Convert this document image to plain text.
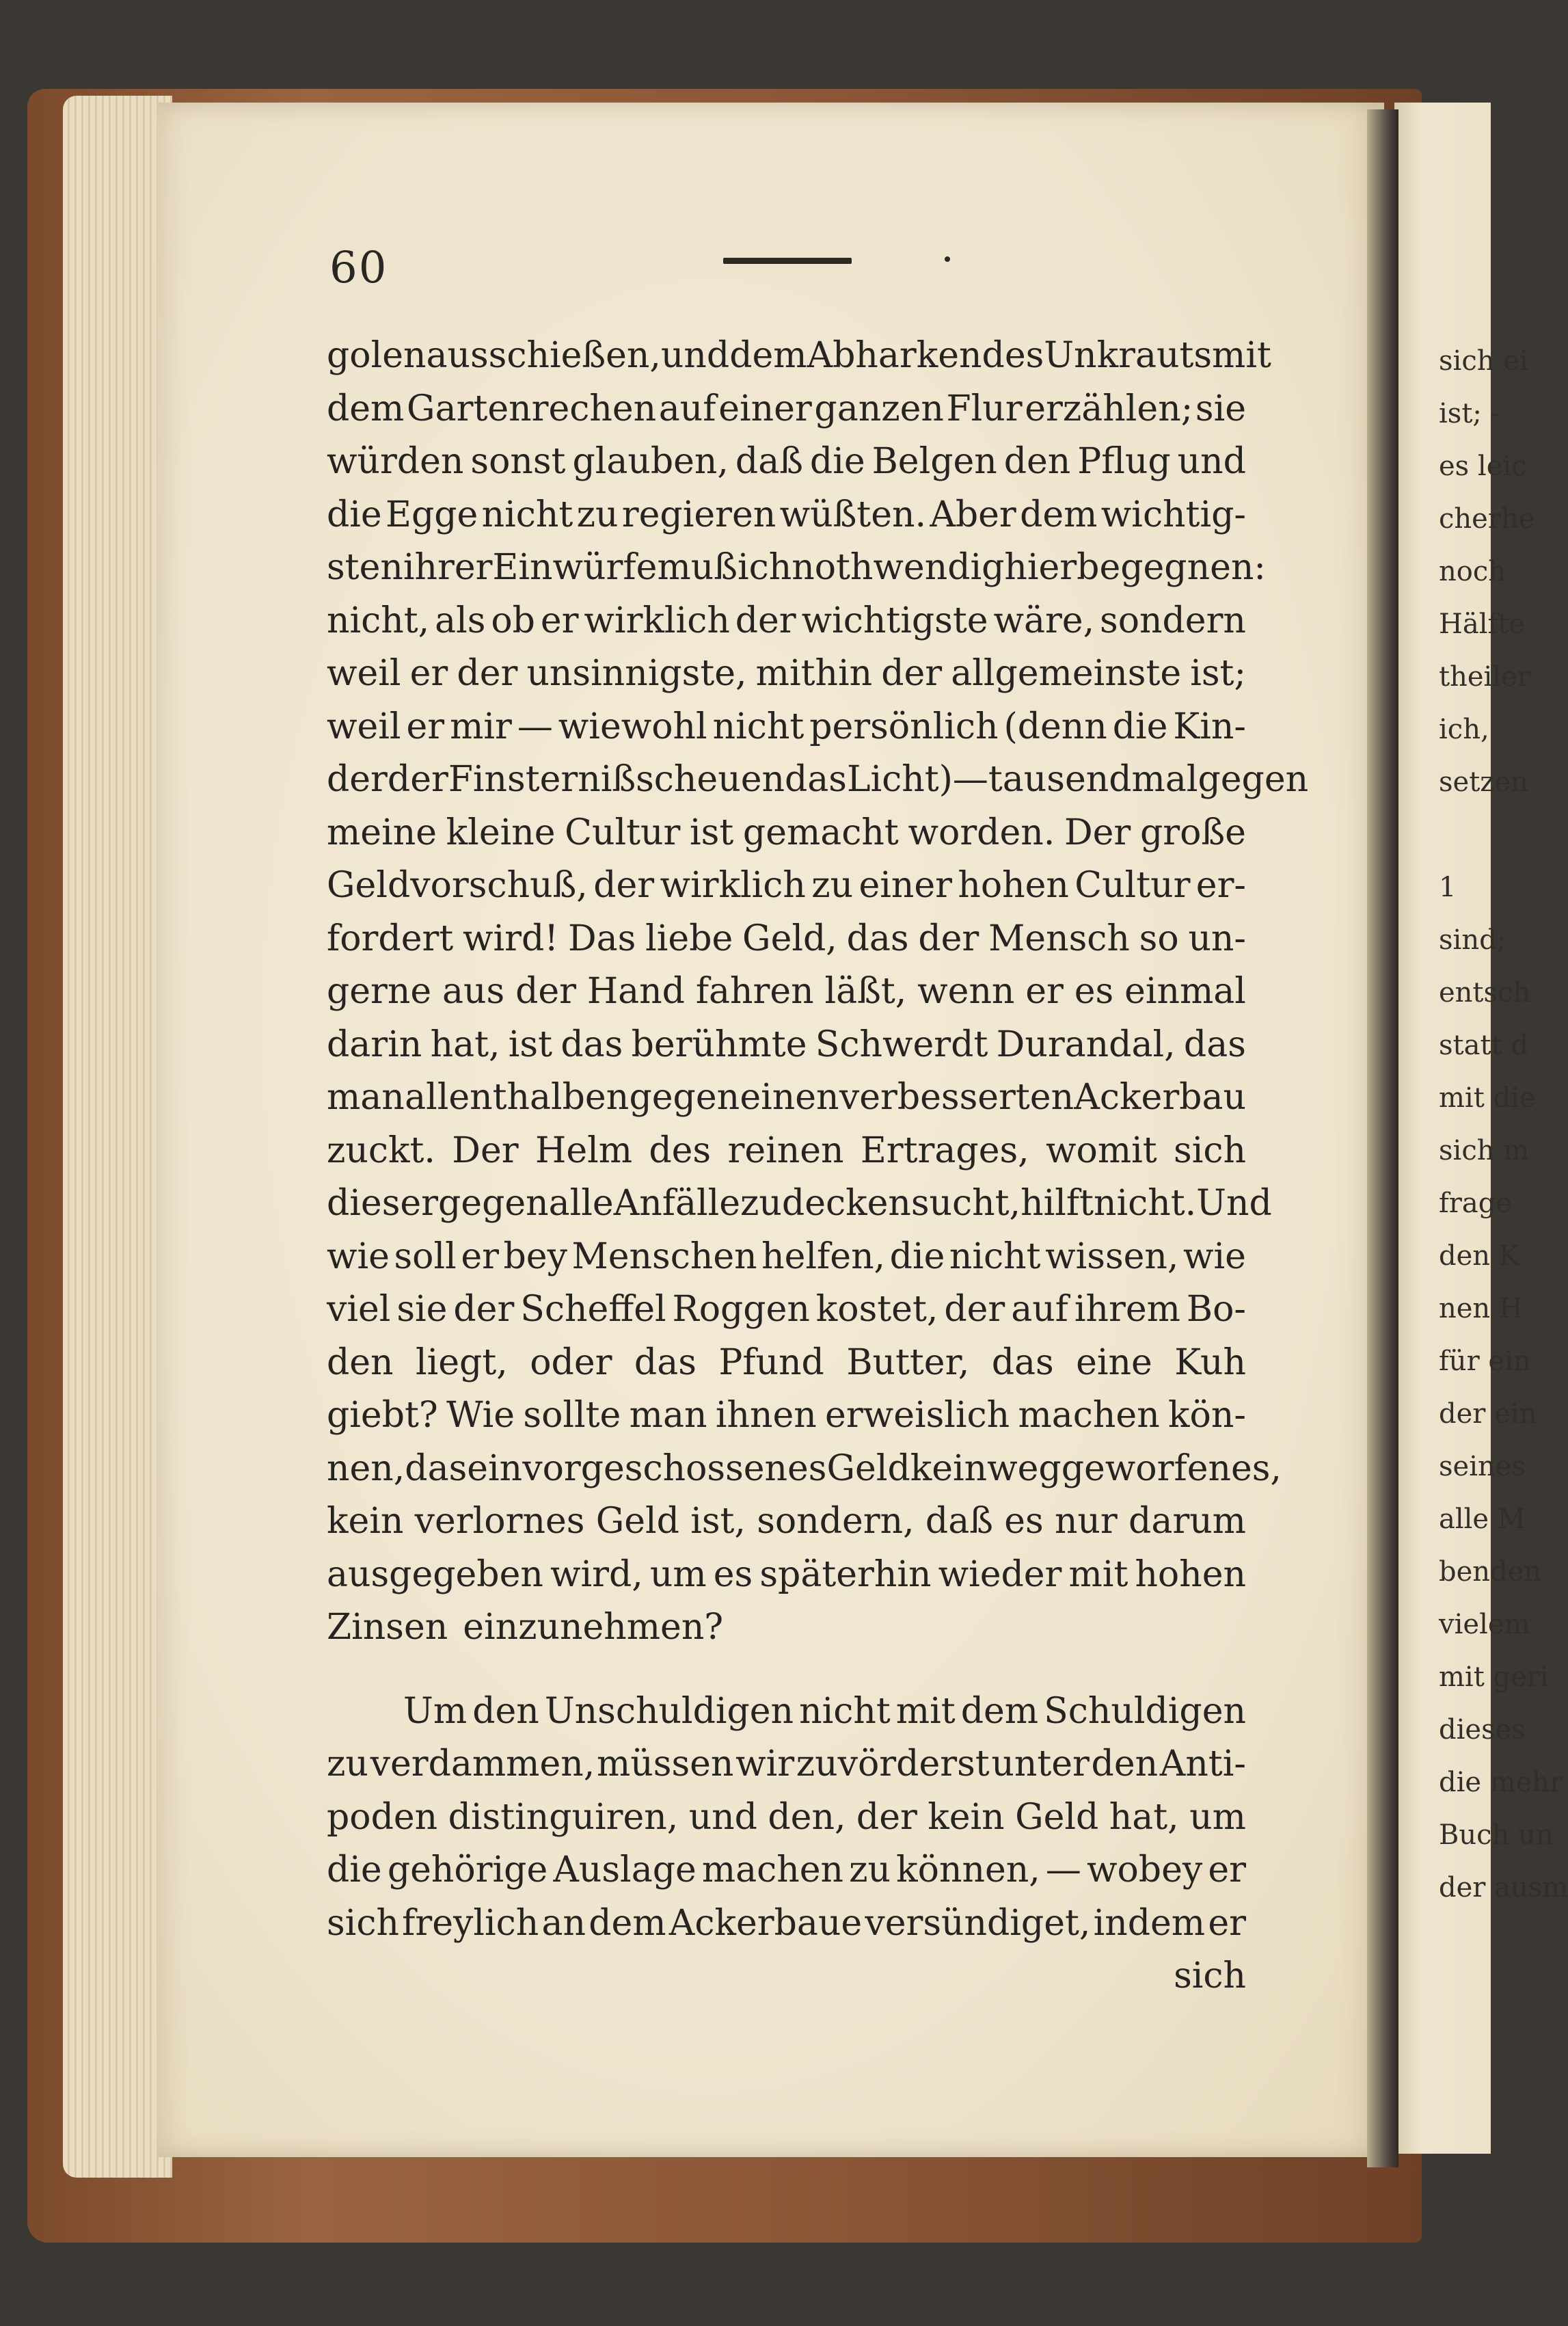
60
golenausschießen, und dem Abharken des Unkrauts mit
dem Gartenrechen auf einer ganzen Flur erzählen; sie
würden sonst glauben, daß die Belgen den Pflug und
die Egge nicht zu regieren wüßten. Aber dem wichtig-
sten ihrer Einwürfe muß ich nothwendig hier begegnen:
nicht, als ob er wirklich der wichtigste wäre, sondern
weil er der unsinnigste, mithin der allgemeinste ist;
weil er mir — wiewohl nicht persönlich (denn die Kin-
der der Finsterniß scheuen das Licht) — tausendmal gegen
meine kleine Cultur ist gemacht worden. Der große
Geldvorschuß, der wirklich zu einer hohen Cultur er-
fordert wird! Das liebe Geld, das der Mensch so un-
gerne aus der Hand fahren läßt, wenn er es einmal
darin hat, ist das berühmte Schwerdt Durandal, das
man allenthalben gegen einen verbesserten Ackerbau
zuckt. Der Helm des reinen Ertrages, womit sich
dieser gegen alle Anfälle zu decken sucht, hilft nicht. Und
wie soll er bey Menschen helfen, die nicht wissen, wie
viel sie der Scheffel Roggen kostet, der auf ihrem Bo-
den liegt, oder das Pfund Butter, das eine Kuh
giebt? Wie sollte man ihnen erweislich machen kön-
nen, das ein vorgeschossenes Geld kein weggeworfenes,
kein verlornes Geld ist, sondern, daß es nur darum
ausgegeben wird, um es späterhin wieder mit hohen
Zinsen einzunehmen?
Um den Unschuldigen nicht mit dem Schuldigen
zu verdammen, müssen wir zuvörderst unter den Anti-
poden distinguiren, und den, der kein Geld hat, um
die gehörige Auslage machen zu können, — wobey er
sich freylich an dem Ackerbaue versündiget, indem er
sich
sich ei
ist; -
es leic
cherhe
noch
Hälfte
theiler
ich,
setzen
1
sind;
entsch
statt d
mit die
sich m
frage
den K
nen H
für ein
der ein
seines
alle M
benden
vielem
mit geri
dieses
die mehr
Buch un
der ausm
